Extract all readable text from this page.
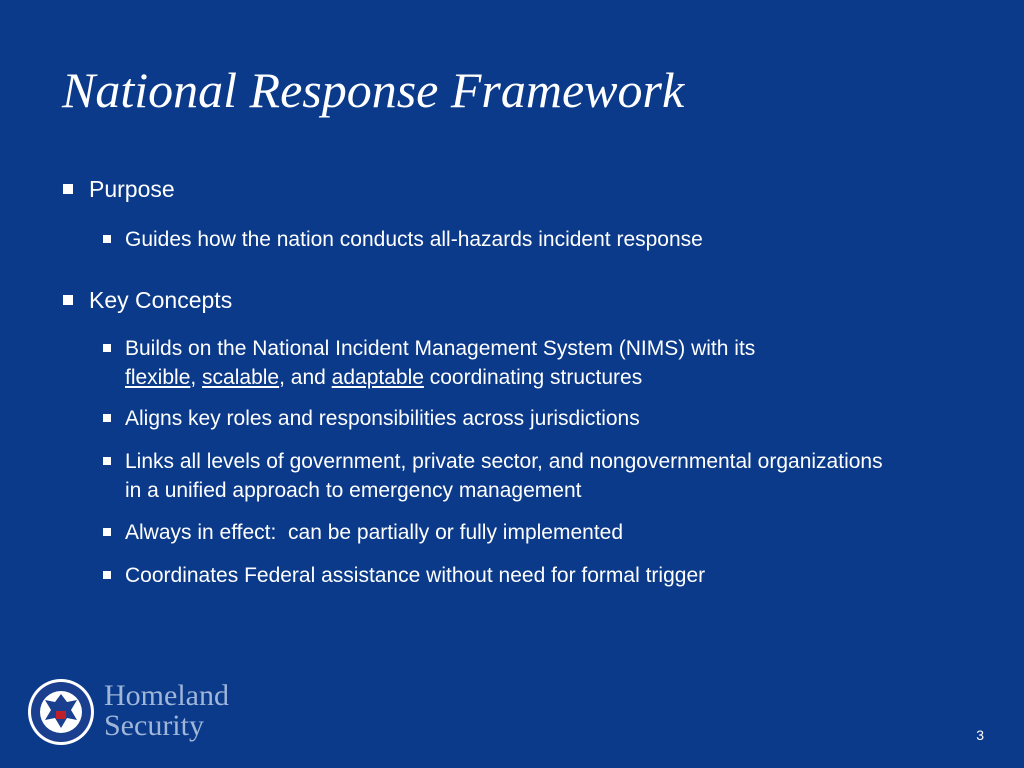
National Response Framework
Purpose
Guides how the nation conducts all-hazards incident response
Key Concepts
Builds on the National Incident Management System (NIMS) with its
flexible, scalable, and adaptable coordinating structures
Aligns key roles and responsibilities across jurisdictions
Links all levels of government, private sector, and nongovernmental organizations in a unified approach to emergency management
Always in effect:  can be partially or fully implemented
Coordinates Federal assistance without need for formal trigger
Homeland
Security	3
